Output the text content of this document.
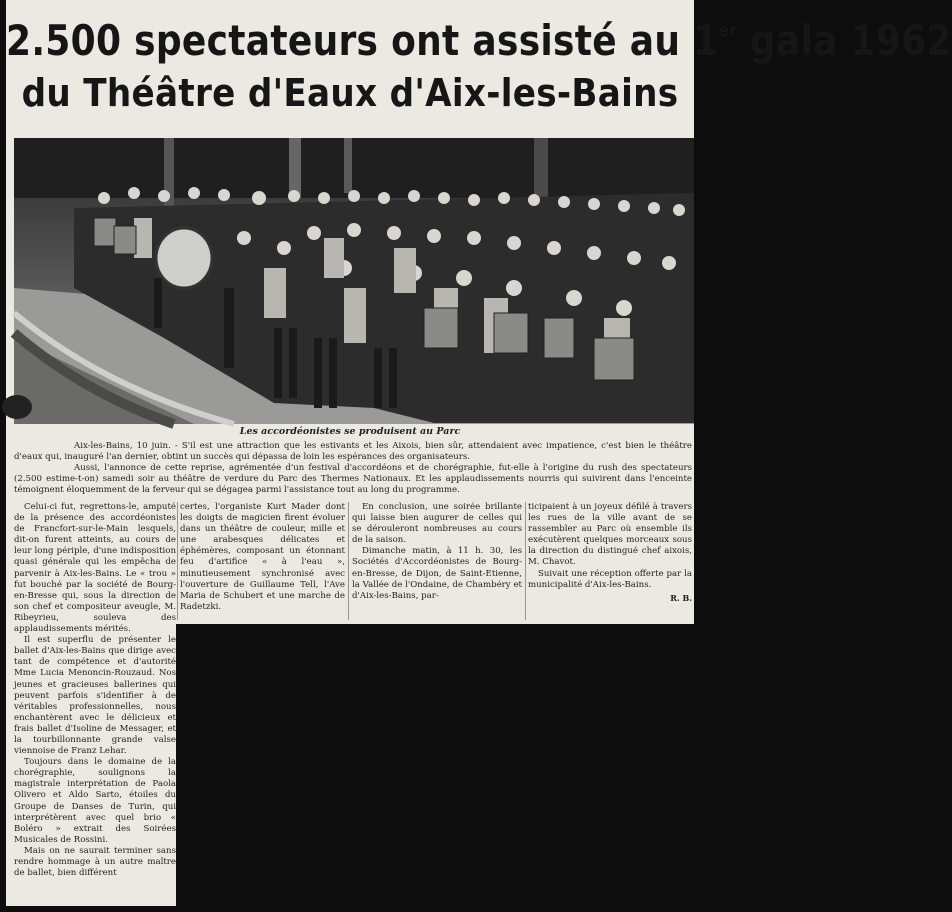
2.500 spectateurs ont assisté au 1er gala 1962
du Théâtre d'Eaux d'Aix-les-Bains
Les accordéonistes se produisent au Parc

Aix-les-Bains, 10 juin. - S'il est une attraction que les estivants et les Aixois, bien sûr, attendaient avec impatience, c'est bien le théâtre d'eaux qui, inauguré l'an dernier, obtint un succès qui dépassa de loin les espérances des organisateurs.

Aussi, l'annonce de cette reprise, agrémentée d'un festival d'accordéons et de chorégraphie, fut-elle à l'origine du rush des spectateurs (2.500 estime-t-on) samedi soir au théâtre de verdure du Parc des Thermes Nationaux. Et les applaudissements nourris qui suivirent dans l'enceinte témoignent éloquemment de la ferveur qui se dégagea parmi l'assistance tout au long du programme.

Celui-ci fut, regrettons-le, amputé de la présence des accordéonistes de Francfort-sur-le-Main lesquels, dit-on furent atteints, au cours de leur long périple, d'une indisposition quasi générale qui les empêcha de parvenir à Aix-les-Bains. Le « trou » fut bouché par la société de Bourg-en-Bresse qui, sous la direction de son chef et compositeur aveugle, M. Ribeyrieu, souleva des applaudissements mérités.

Il est superflu de présenter le ballet d'Aix-les-Bains que dirige avec tant de compétence et d'autorité Mme Lucia Menoncin-Rouzaud. Nos jeunes et gracieuses ballerines qui peuvent parfois s'identifier à de véritables professionnelles, nous enchantèrent avec le délicieux et frais ballet d'Isoline de Messager, et la tourbillonnante grande valse viennoise de Franz Lehar.

Toujours dans le domaine de la chorégraphie, soulignons la magistrale interprétation de Paola Olivero et Aldo Sarto, étoiles du Groupe de Danses de Turin, qui interprétèrent avec quel brio « Boléro » extrait des Soirées Musicales de Rossini.

Mais on ne saurait terminer sans rendre hommage à un autre maître de ballet, bien différent

certes, l'organiste Kurt Mader dont les doigts de magicien firent évoluer dans un théâtre de couleur, mille et une arabesques délicates et éphémères, composant un étonnant feu d'artifice « à l'eau », minutieusement synchronisé avec l'ouverture de Guillaume Tell, l'Ave Maria de Schubert et une marche de Radetzki.

En conclusion, une soirée brillante qui laisse bien augurer de celles qui se dérouleront nombreuses au cours de la saison.

Dimanche matin, à 11 h. 30, les Sociétés d'Accordéonistes de Bourg-en-Bresse, de Dijon, de Saint-Etienne, la Vallée de l'Ondaine, de Chambéry et d'Aix-les-Bains, par-

ticipaient à un joyeux défilé à travers les rues de la ville avant de se rassembler au Parc où ensemble ils exécutèrent quelques morceaux sous la direction du distingué chef aixois, M. Chavot.

Suivait une réception offerte par la municipalité d'Aix-les-Bains.

R. B.
